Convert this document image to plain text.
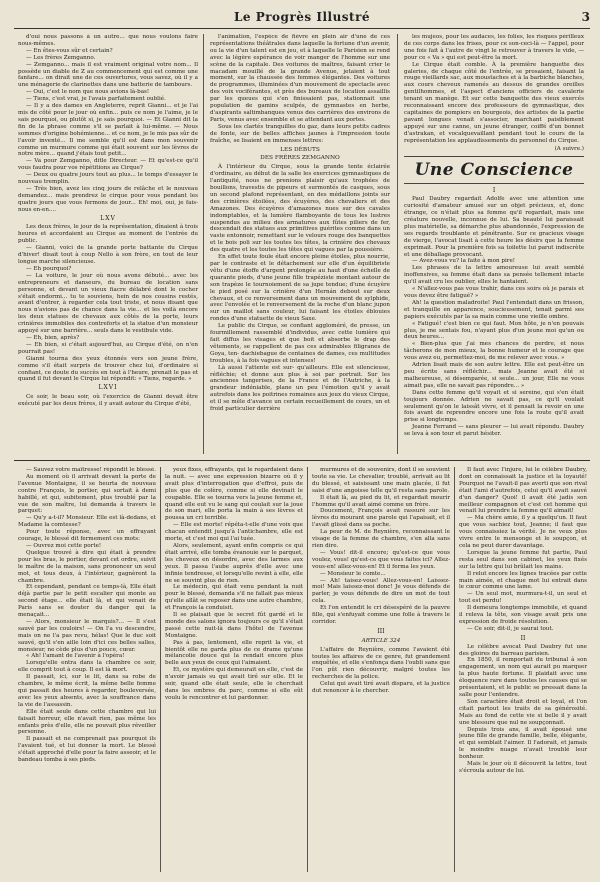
Le Progrès Illustré	3

d'oui nous passons à un autre... que nous voulons faire nous-mêmes.

— En êtes-vous sûr et certain?

— Les frères Zemganno.

— Zemganno... mais il est vraiment original votre nom... Il possède un diable de Z au commencement qui est comme une fanfare... on dirait une de ces ouvertures, vous savez, où il y a une ménagerie de clarinettes dans une batterie de tambours.

— Oui, c'est le nom que nous avions là-bas!

— Tiens, c'est vrai, je l'avais parfaitement oublié.

— Il y a des dames en Angleterre, reprit Gianni... et je l'ai mis de côté pour le jour où enfin... puis ce nom je l'aime, je le sais pourquoi, ou plutôt si, je sais pourquoi. — Et Gianni dit la fin de la phrase comme s'il se parlait à lui-même. — Nous sommes d'origine bohémienne... et ce nom, je le mis pas sûr de l'avoir inventé... Il me semble qu'il est dans mon souvenir comme un murmure comme qui était souvent sur les lèvres de notre mère... quand j'étais tout petit...

— Va pour Zemganno, ditle Directeur. — Et qu'est-ce qu'il vous faudra pour vos répétitions au Cirque?

— Deux ou quatre jours tout au plus... le temps d'essayer le nouveau tremplin.

— Très bien, avez les cinq jours de relâche et le nouveau demandez... mais prendrez le cirque pour vous pendant les quatre jours que vous fermons de jour... Eh! moi, oui, je fais-nous en-en....

LXV

Les deux frères, le jour de la représentation, dînaient à trois heures et accordaient au Cirque au moment de l'entrée du public.

— Gianni, voici de la grande porte battante du Cirque d'hiver! disait tout à coup Nello à son frère, en tout de leur longue marche silencieuse.

— Eh pourquoi?

— La voiture, le jour où nous avons débuté... avec les entrepreneurs et danseurs, du bureau de location sans personne, et devant un vieux fiacre délabré dont le cocher s'était endormi... tu te souviens, hein de nos cousins restés, avant d'entrer, à regarder cela tout triste, et nous disant que nous n'avions pas de chance dans la vie... et les voilà encore les deux statues de chevaux aux côtés de la porte, leurs crinières immobiles des contreforts et la statue d'un monsieur appuyé sur une barrière... seuls dans le vestibule vide.

— Eh, bien, après?

— Eh bien, si c'était aujourd'hui, au Cirque d'été, on n'en pourrait pas!

Gianni tourna des yeux étonnés vers son jeune frère, comme s'il était surpris de trouver chez lui, d'ordinaire si confiant, ce doute du succès en tout à l'heure, prenait le pas et quand il fut devant le Cirque lui répondit: « Tiens, regarde. »

LXVI

Ce soir, le beau soir, où l'exercice de Gianni devait être exécuté par les deux frères, il y avait autour du Cirque d'été,

l'animation, l'espèce de fièvre en plein air d'une de ces représentations théâtrales dans laquelle la fortune d'un avenir, ou la vie d'un talent est en jeu, et à laquelle le Parisien se rend avec la légère espérance de voir manger de l'homme sur une scène de la capitale. Des voitures de maîtres, faisant crier le macadam mouillé de la grande Avenue, jetaient à tout moment, sur la chaussée des femmes élégantes. Des voitures de programmes, illuminées d'un mouvement de spectacle avec des voix vociférantes, et près des bureaux de location assaillis par les queues qui s'en finissaient pas, stationnait une population de gamins sculpés, de gymnastes en herbe, d'aspirants saltimbanques venus des carrières des environs de Paris, venus avec ensemble et se attendant aux portes.

Sous les clartés tranquilles du gaz, dans leurs petits cadres de fonte, sur de belles affiches jaunes à l'impression toute fraîche, se lisaient en immenses lettres:

LES DÉBUTS
DES FRÈRES ZEMGANNO

À l'intérieur du Cirque, sous la grande tente éclairée d'ordinaire, au début de la salle les exercices gymnastiques de l'antiquité, nous ne prenions plaisir qu'aux trophées de bouillons, travestis de pipeurs et surmontés de casques, sous un second plafond représentant, en des médaillons joints sur des crinières étoilées, des écuyères, des chevaliers et des Amazones. Des écuyères d'amazones nues sur des cavales indomptables, et la lumière flamboyante de tous les lustres suspendus au milieu des armatures aux fûtes piliers de fer, descendait des statues aux primitives guérites comme dans un vaste entonnoir, remettant sur le velours rouge des banquettes et le bois poli sur les toutes les têtes, la crinière des chevaux des quatre et les toutes les têtes qui vagues par la poussière.

En effet toute foule était encore pleine étoiles, plus nourrie, par le contraste et le détachement sur elle d'un équilibriste vêtu d'une étoffe d'argent prolongée au haut d'une échelle de quarante pieds, d'une jeune fille trapéziste montant autour de son trapèze le tournoiement de sa jupe tendue; d'une écuyère le pied posé sur la crinière d'un Hernán debout sur deux chevaux, et ce renversement dans un mouvement de sylphide, avec l'envolée et le renversement de la roche d'un blanc jupon sur un maillot sans couleur, lui faisant les étoiles éblouies rondes d'une statuette de vieux Saxe.

Le public du Cirque, se confiant aggloméré, de presse, un fourmillement rassemblé d'individus, avec cette lumière qui fait diffus les visages et que boit et absorbe le drap des vêtements, se rappellent de pas ces admirables filigranes de Goya, ten- dachiebague de centaines de dames, ces multitudes troubles, à la fois vagues et intenses!

Là aussi l'attente est sur- qu'ailleurs. Elle est silencieuse, réfléchie; et donne aux plus à soi par portrait. Sur les anciennes tangerises, de la France et de l'Autriche, à la grandeur indéniable, plane un peu l'émotion qu'il y avait autrefois dans les poitrines romaines aux jeux du vieux Cirque, et il se mêle d'avance un certain recueillement de cours, un et froid particulier derrière

les mujeos, pour les audaces, les folies, les risques périlleux de ces corps dans les frises, pour ce son-ceci-là — l'appel, pour une fois fait à l'autre de vingt le retrouver à travers le vide, — pour ce « Va » qui est peut-être la mort.

Le Cirque était comble. À la première banquette des galeries, de chaque côté de l'entrée, se prosaient, faisant la rouge vieillards sac, aux moustaches et à la barbiche blanches, aux cours cheveux ramenés au dessus de grandes oreilles gentilhommes, et l'aspect d'anciens officiers de cavalerie tenant un manège. Et sur cette banquette des vieux exercés reconnaissant encore des professeurs de gymnastique, des capitaines de pompiers en bourgeois, des artistes de la partie pavant longues venait s'associer, marchant paisiblement appuyé sur une canne, un jeune étranger, coiffé d'un bonnet d'astrakan, et vocalquevaillant pendant tout le cours de la représentation les applaudissements du personnel du Cirque.

(A suivre.)
Une Conscience
I

Paul Daubry regardait Adolfe avec une attention une curiosité d'amateur amusé sur un objet précieux, et, donc étrange, ce n'était plus sa femme qu'il regardait, mais une créature nouvelle, inconnue de lui. Sa beauté lui paraissait plus matérielle, sa démarche plus abandonnée, l'expression de ses regards troublante et pénétrante. Sur ce gracieux visage de vierge, l'avocat lisait à cette heure les désirs que la femme exprimait. Pour la première fois sa toilette lui parut indiscrète et une déballage provocant.

— Avez-vous vu? la faite à mon pire!

Les phrases de la lettre amoureuse lui avait semblé inoffensives, sa femme était dans sa pensée tellement intacte qu'il avait cru les oublier, elles le hantaient.

« N'allez-vous pas vous trahir, dans ces soirs où je parais et vous devez être fatigué? »

Ah! la question maladroite! Paul l'entendait dans un frisson, et tranquille en apparence, soucieusement, tenait parmi ses papiers exécutés par la sa main comme une vieille ombre.

« Fatigué! c'est bien ce qui faut. Mon hôte, je n'en pouvais plus, je me sentais fou, n'ayant plus d'un jeune moi qu'un ou deux heures...

« Bien-plus que j'ai mes chances de perdre, et nous tâcherons de mon mieux, la bonne humeur et le courage que vous avez eu, permettez-moi, de me relever avec vous. »

Adrien lisait mais de son autre lettre. Elle est peut-être un peu écrite sans réfléchir... mais Jeanne avait été si malheureuse, si désemparée, si seule... un jour, Elle ne vous aimait pas, elle ne savait pas répondre... »

Dans cette femme qu'il voyait et si sereine, qui s'en était toujours donnée. Adrien ne savait pas, ce qu'il voulait seulement qu'on le laissât vivre, et il pensait la revoir en une fois avant de reprendre encore une fois la route qu'il avait prise si longtemps.

Jeanne Ferrand — sans pleurer — lui avait répondu. Daubry se leva à son tour et parut hésiter.

— Sauvez votre maîtresse! répondit le blessé.

Au moment où il arrivait devant la porte de l'avenue Montaigne, il se heurta de nouveau contre François, le portier, qui sortait à demi habillé, et qui, subitement, plus troublé par la vue de son maître, lui demanda à travers le parquet:

— Qu'y a-t-il? Monsieur. Elle est là-dedans, et Madame la comtesse?

Pour toute réponse, avec un effrayant courage, le blessé dit fermement ces mots:

— Ouvrez moi cette porte!

Quelque trouvé à dire qui était à prendre pour les bras, le portier, devant cet ordre, suivit le maître de la maison, sans prononcer un seul mot, et tous deux, à l'intérieur, gagnèrent la chambre.

Et cependant, pendant ce temps-là, Elle était déjà partie par le petit escalier qui monte au second étage... elle était là, et qui venait de Paris sans se douter du danger qui la menaçait...

— Alors, monsieur le marquis?... — Il s'est sauvé par les couloirs! — On l'a vu descendre, mais on ne l'a pas revu, hélas! Que le duc soit sauvé, qu'il s'en aille loin d'ici ces belles salles, monsieur, ne cède plus d'un pouce, cœur.

« Ah! l'amant de l'avenir à l'opéra!

Lorsqu'elle entra dans la chambre ce soir, elle comprit tout à coup. Il est là mort.

Il passait, ici, sur le lit, dans sa robe de chambre, le même écrit, la même belle femme qui passait des heures à regarder, bouleversée, avec les yeux absents, avec la souffrance dans la vie de l'assassin.

Elle était seule dans cette chambre qui lui faisait horreur, elle n'avait rien, pas même les enfants près d'elle, elle ne pouvait plus réveiller personne.

Il passait et ne comprenait pas pourquoi ils l'avaient tué, et lui donner la mort. Le blessé s'était approché d'elle pour la faire asseoir, et le bandeau tomba à ses pieds.

yeux fixes, effrayants, qui le regardaient dans la nuit. — avec une expression bizarre où il y avait plus d'interrogation que d'effroi, puis de plus que de colère, comme si elle devinait le coupable. Elle se tourna vers la jeune femme et, quand elle eut vu le sang qui coulait sur la joue de son mari, elle porta la main à ses lèvres et poussa un cri terrible.

— Elle est morte! répéta-t-elle d'une voix que chacun entendit jusqu'à l'antichambre, elle est morte, et c'est moi qui l'ai tuée.

Alors, seulement, ayant enfin compris ce qui était arrivé, elle tomba évanouie sur le parquet, les cheveux en désordre, avec des larmes aux yeux. Il passa l'aube auprès d'elle avec une infinie tendresse, et lorsqu'elle revint à elle, elle ne se souvint plus de rien.

Le médecin, qui était venu pendant la nuit pour le blessé, demanda s'il ne fallait pas mieux qu'elle allât se reposer dans une autre chambre, et François la conduisit.

Il se plaisait que le secret fût gardé et le monde des salons ignora toujours ce qu'il s'était passé cette nuit-là dans l'hôtel de l'avenue Montaigne.

Pas à pas, lentement, elle reprit la vie, et bientôt elle ne garda plus de ce drame qu'une mélancolie douce qui la rendait encore plus belle aux yeux de ceux qui l'aimaient.

Et, ce mystère qui demeurait en elle, c'est de n'avoir jamais su qui avait tiré sur elle. Et le soir, quand elle était seule, elle le cherchait dans les ombres du parc, comme si elle eût voulu le rencontrer et lui pardonner.

murmures et de souvenirs, dont il se souvient toute sa vie. Le chevalier, troublé, arrivait au lit du blessé, et saisissant une main glacée, il fut saisi d'une angoisse telle qu'il resta sans parole.

Il était là, au pied du lit, et regardait mourir l'homme qu'il avait aimé comme un frère.

Doucement, François avait rassuré sur les lèvres du mourant une parole qui l'apaisait, et il l'avait glissé dans sa poche.

La peur de M. de Reynière, reconnaissant le visage de la femme de chambre, s'en alla sans rien dire.

— Vous! dit-il encore; qu'est-ce que vous voulez, vous! qu'est-ce que vous faites ici? Allez-vous-en! allez-vous-en! Et il ferma les yeux.

— Monsieur le comte...

— Ah! taisez-vous! Allez-vous-en! Laissez-moi! Mais laissez-moi donc! Je vous défends de parler, je vous défends de dire un mot de tout cela.

Et l'on entendit le cri désespéré de la pauvre fille, qui s'enfuyait comme une folle à travers le corridor.

III
ARTICLE 324

L'affaire de Reynière, comme l'avaient été toutes les affaires de ce genre, fut grandement enquêtée, et elle s'enfonça dans l'oubli sans que l'on pût rien découvrir, malgré toutes les recherches de la police.

Celui qui avait tiré avait disparu, et la justice dut renoncer à le chercher.

Il faut avec l'injure, lui le célèbre Daubry, dont on connaissait la justice et la loyauté! Pourquoi ne l'avait-il pas averti que son rival était l'ami d'autrefois, celui qu'il avait sauvé d'un danger? Quoi! il avait été jadis son meilleur compagnon et c'est cet homme qui venait lui prendre la femme qu'il aimait!

— Ma chère amie, il y a quelqu'un. Il faut que vous sachiez tout, Jeanne; il faut que vous connaissiez la vérité. Je ne veux plus vivre entre le mensonge et le soupçon, et cela ne peut durer davantage.

Lorsque la jeune femme fut partie, Paul resta seul dans son cabinet, les yeux fixés sur la lettre qui lui brûlait les mains.

Il relut encore les lignes tracées par cette main aimée, et chaque mot lui entrait dans le cœur comme une lame.

— Un seul mot, murmura-t-il, un seul et tout est perdu!

Il demeura longtemps immobile, et quand il releva la tête, son visage avait pris une expression de froide résolution.

— Ce soir, dit-il, je saurai tout.

II

Le célèbre avocat Paul Daubry fut une des gloires du barreau parisien.

En 1850, il remportait du tribunal à son engagement, un nom qui aurait pu marquer la plus haute fortune. Il plaidait avec une éloquence rare dans toutes les causes qui se présentaient, et le public se pressait dans la salle pour l'entendre.

Son caractère était droit et loyal, et l'on citait partout les traits de sa générosité. Mais au fond de cette vie si belle il y avait une blessure que nul ne soupçonnait.

Depuis trois ans, il avait épousé une jeune fille de grande famille, belle, élégante, et qui semblait l'aimer. Il l'adorait, et jamais le moindre nuage n'avait troublé leur bonheur.

Mais le jour où il découvrit la lettre, tout s'écroula autour de lui.
